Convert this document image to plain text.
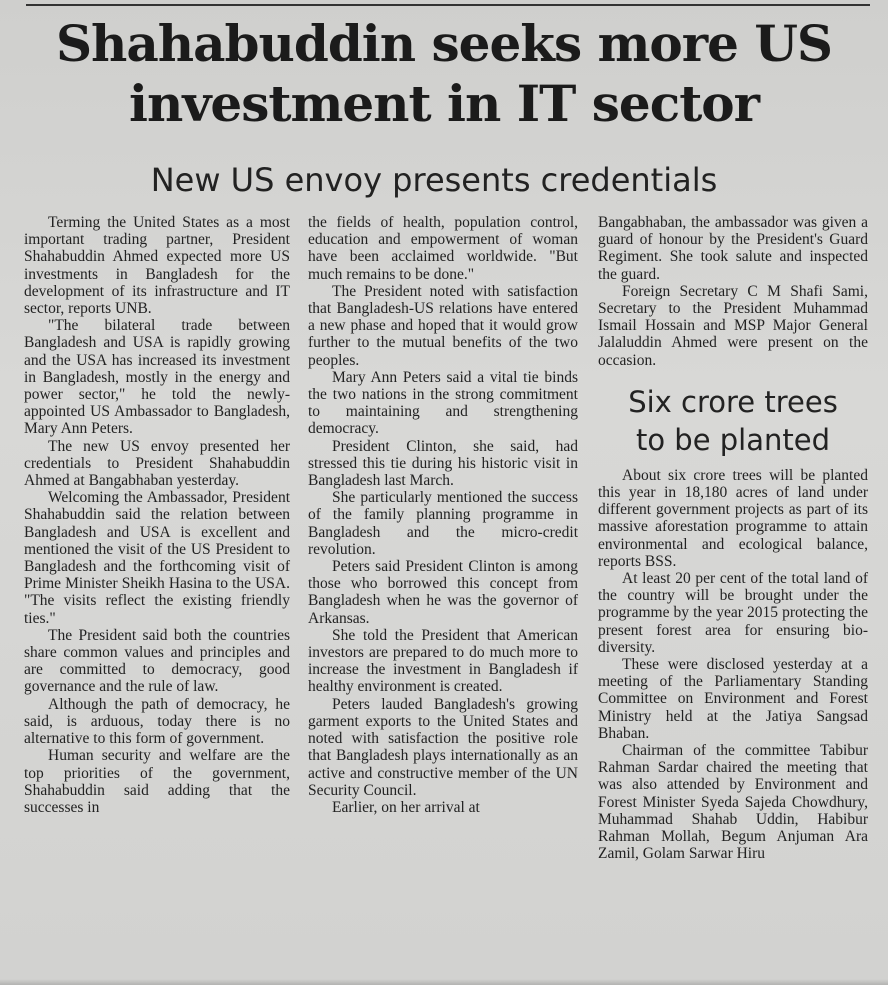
Shahabuddin seeks more US
investment in IT sector
New US envoy presents credentials

Terming the United States as a most important trading partner, President Shahabuddin Ahmed expected more US investments in Bangladesh for the development of its infrastructure and IT sector, reports UNB.

"The bilateral trade between Bangladesh and USA is rapidly growing and the USA has increased its investment in Bangladesh, mostly in the energy and power sector," he told the newly-appointed US Ambassador to Bangladesh, Mary Ann Peters.

The new US envoy presented her credentials to President Shahabuddin Ahmed at Bangabhaban yesterday.

Welcoming the Ambassador, President Shahabuddin said the relation between Bangladesh and USA is excellent and mentioned the visit of the US President to Bangladesh and the forthcoming visit of Prime Minister Sheikh Hasina to the USA. "The visits reflect the existing friendly ties."

The President said both the countries share common values and principles and are committed to democracy, good governance and the rule of law.

Although the path of democracy, he said, is arduous, today there is no alternative to this form of government.

Human security and welfare are the top priorities of the government, Shahabuddin said adding that the successes in

the fields of health, population control, education and empowerment of woman have been acclaimed worldwide. "But much remains to be done."

The President noted with satisfaction that Bangladesh-US relations have entered a new phase and hoped that it would grow further to the mutual benefits of the two peoples.

Mary Ann Peters said a vital tie binds the two nations in the strong commitment to maintaining and strengthening democracy.

President Clinton, she said, had stressed this tie during his historic visit in Bangladesh last March.

She particularly mentioned the success of the family planning programme in Bangladesh and the micro-credit revolution.

Peters said President Clinton is among those who borrowed this concept from Bangladesh when he was the governor of Arkansas.

She told the President that American investors are prepared to do much more to increase the investment in Bangladesh if healthy environment is created.

Peters lauded Bangladesh's growing garment exports to the United States and noted with satisfaction the positive role that Bangladesh plays internationally as an active and constructive member of the UN Security Council.

Earlier, on her arrival at

Bangabhaban, the ambassador was given a guard of honour by the President's Guard Regiment. She took salute and inspected the guard.

Foreign Secretary C M Shafi Sami, Secretary to the President Muhammad Ismail Hossain and MSP Major General Jalaluddin Ahmed were present on the occasion.

Six crore trees
to be planted

About six crore trees will be planted this year in 18,180 acres of land under different government projects as part of its massive aforestation programme to attain environmental and ecological balance, reports BSS.

At least 20 per cent of the total land of the country will be brought under the programme by the year 2015 protecting the present forest area for ensuring bio-diversity.

These were disclosed yesterday at a meeting of the Parliamentary Standing Committee on Environment and Forest Ministry held at the Jatiya Sangsad Bhaban.

Chairman of the committee Tabibur Rahman Sardar chaired the meeting that was also attended by Environment and Forest Minister Syeda Sajeda Chowdhury, Muhammad Shahab Uddin, Habibur Rahman Mollah, Begum Anjuman Ara Zamil, Golam Sarwar Hiru
